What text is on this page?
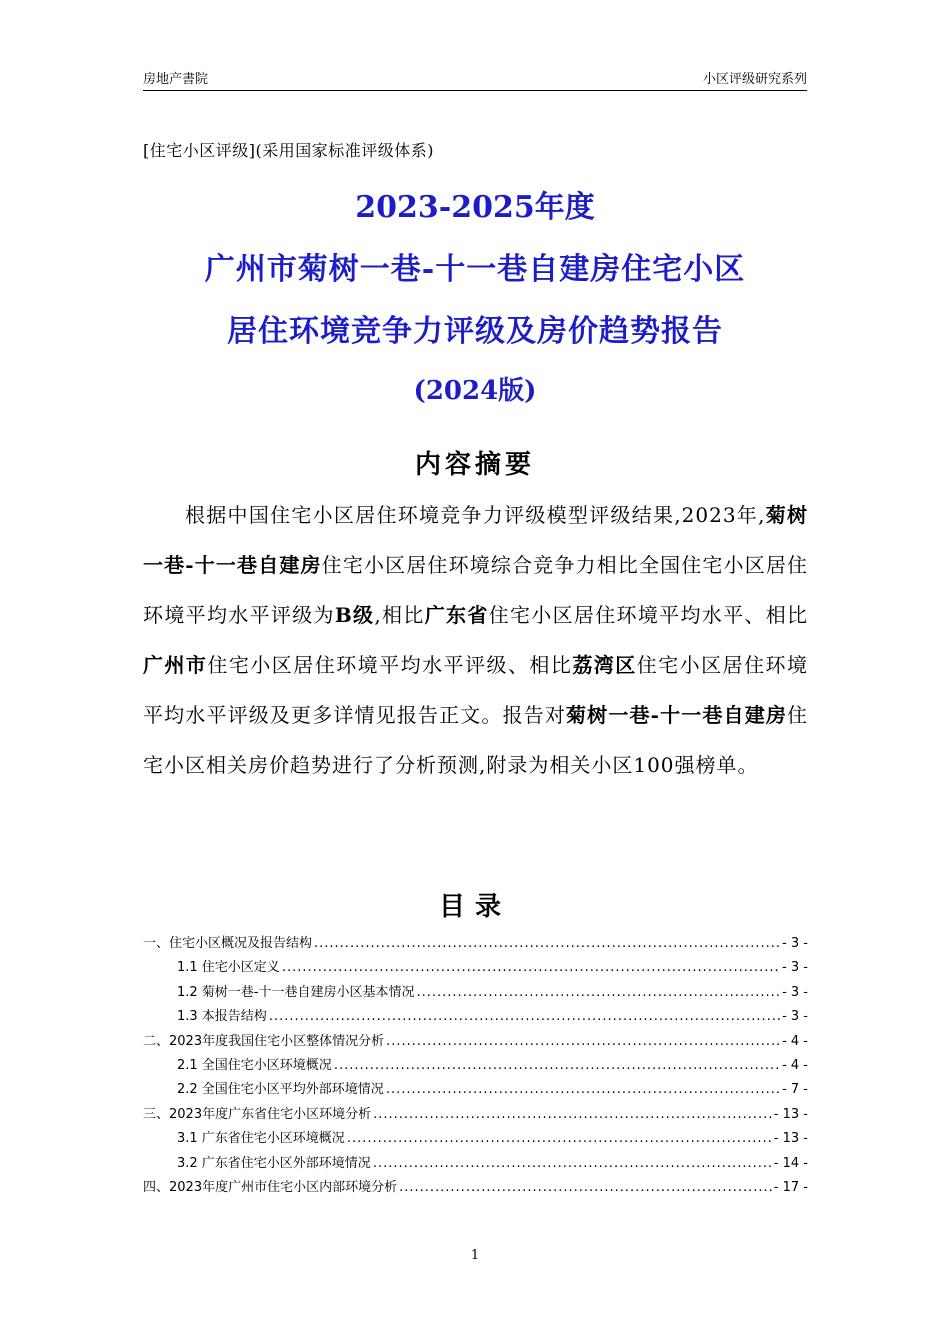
房地产書院	小区评级研究系列
[住宅小区评级](采用国家标准评级体系)
2023-2025年度
广州市菊树一巷-十一巷自建房住宅小区
居住环境竞争力评级及房价趋势报告
(2024版)
内容摘要
根据中国住宅小区居住环境竞争力评级模型评级结果,2023年,菊树一巷-十一巷自建房住宅小区居住环境综合竞争力相比全国住宅小区居住环境平均水平评级为B级,相比广东省住宅小区居住环境平均水平、相比广州市住宅小区居住环境平均水平评级、相比荔湾区住宅小区居住环境平均水平评级及更多详情见报告正文。报告对菊树一巷-十一巷自建房住宅小区相关房价趋势进行了分析预测,附录为相关小区100强榜单。
目录
一、住宅小区概况及报告结构 .....	- 3 -
1.1 住宅小区定义 .....	- 3 -
1.2 菊树一巷-十一巷自建房小区基本情况 .....	- 3 -
1.3 本报告结构 .....	- 3 -
二、2023年度我国住宅小区整体情况分析 .....	- 4 -
2.1 全国住宅小区环境概况 .....	- 4 -
2.2 全国住宅小区平均外部环境情况 .....	- 7 -
三、2023年度广东省住宅小区环境分析 .....	- 13 -
3.1 广东省住宅小区环境概况 .....	- 13 -
3.2 广东省住宅小区外部环境情况 .....	- 14 -
四、2023年度广州市住宅小区内部环境分析 .....	- 17 -
1
